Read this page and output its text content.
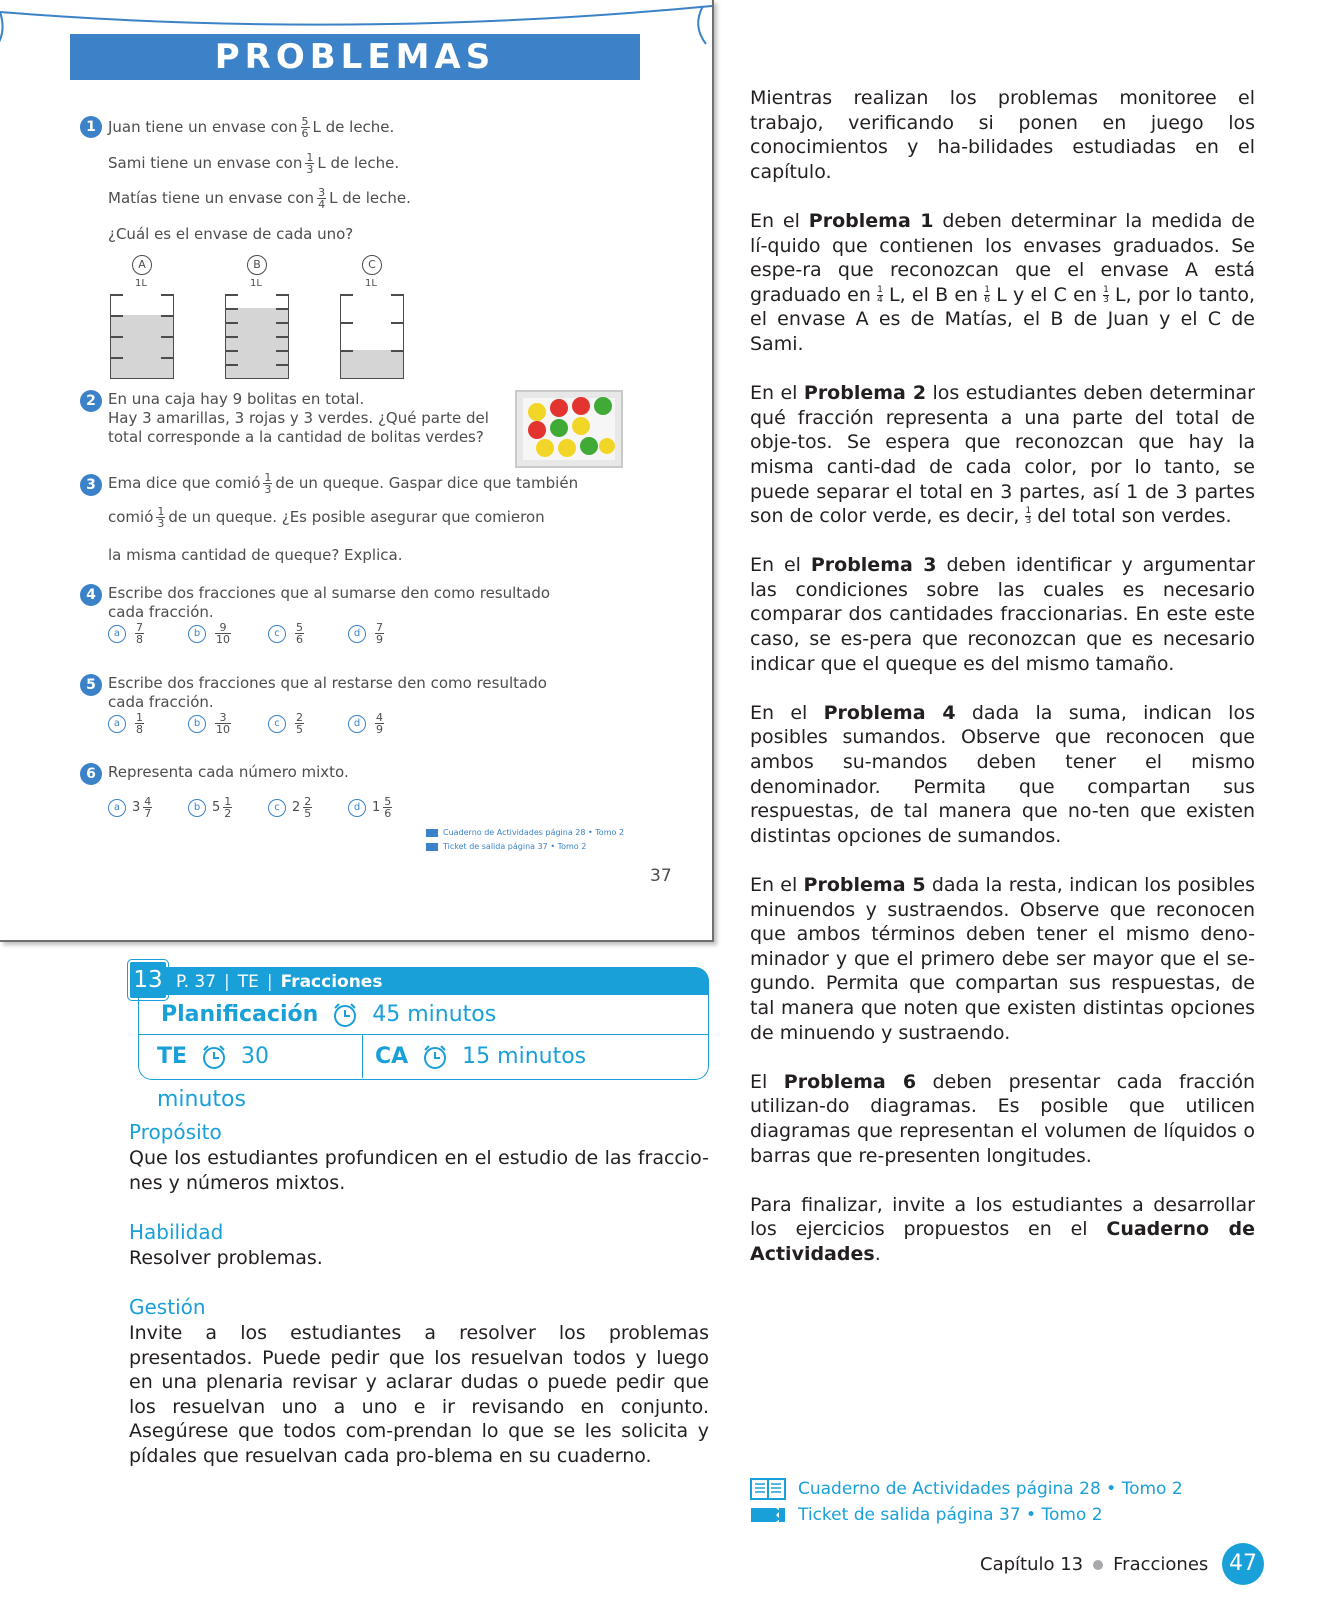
PROBLEMAS
1 Juan tiene un envase con $\frac{5}{6}$ L de leche.
Sami tiene un envase con $\frac{1}{3}$ L de leche.
Matías tiene un envase con $\frac{3}{4}$ L de leche.
¿Cuál es el envase de cada uno?
A
1L
B
1L
C
1L
2 En una caja hay 9 bolitas en total.
Hay 3 amarillas, 3 rojas y 3 verdes. ¿Qué parte del
total corresponde a la cantidad de bolitas verdes?
3 Ema dice que comió $\frac{1}{3}$ de un queque. Gaspar dice que también
comió $\frac{1}{3}$ de un queque. ¿Es posible asegurar que comieron
la misma cantidad de queque? Explica.
4 Escribe dos fracciones que al sumarse den como resultado
cada fracción.
a $\frac{7}{8}$	b $\frac{9}{10}$	c $\frac{5}{6}$	d $\frac{7}{9}$
5 Escribe dos fracciones que al restarse den como resultado
cada fracción.
a $\frac{1}{8}$	b $\frac{3}{10}$	c $\frac{2}{5}$	d $\frac{4}{9}$
6 Representa cada número mixto.
a $3 \frac{4}{7}$	b $5 \frac{1}{2}$	c $2 \frac{2}{5}$	d $1 \frac{5}{6}$
Cuaderno de Actividades página 28 • Tomo 2
Ticket de salida página 37 • Tomo 2
37
13 P. 37 | TE | Fracciones
Planificación 45 minutos
TE 30 minutos
CA 15 minutos
Propósito
Que los estudiantes profundicen en el estudio de las fraccio-nes y números mixtos.
Habilidad
Resolver problemas.
Gestión
Invite a los estudiantes a resolver los problemas presentados. Puede pedir que los resuelvan todos y luego en una plenaria revisar y aclarar dudas o puede pedir que los resuelvan uno a uno e ir revisando en conjunto. Asegúrese que todos com-prendan lo que se les solicita y pídales que resuelvan cada pro-blema en su cuaderno.

Mientras realizan los problemas monitoree el trabajo, verificando si ponen en juego los conocimientos y ha-bilidades estudiadas en el capítulo.

En el Problema 1 deben determinar la medida de lí-quido que contienen los envases graduados. Se espe-ra que reconozcan que el envase A está graduado en $\frac{1}{4} L$, el B en $\frac{1}{6}$ L y el C en $\frac{1}{3} L$, por lo tanto, el envase A es de Matías, el B de Juan y el C de Sami.

En el Problema 2 los estudiantes deben determinar qué fracción representa a una parte del total de obje-tos. Se espera que reconozcan que hay la misma canti-dad de cada color, por lo tanto, se puede separar el total en 3 partes, así 1 de 3 partes son de color verde, es decir, $\frac{1}{3}$ del total son verdes.

En el Problema 3 deben identificar y argumentar las condiciones sobre las cuales es necesario comparar dos cantidades fraccionarias. En este este caso, se es-pera que reconozcan que es necesario indicar que el queque es del mismo tamaño.

En el Problema 4 dada la suma, indican los posibles sumandos. Observe que reconocen que ambos su-mandos deben tener el mismo denominador. Permita que compartan sus respuestas, de tal manera que no-ten que existen distintas opciones de sumandos.

En el Problema 5 dada la resta, indican los posibles minuendos y sustraendos. Observe que reconocen que ambos términos deben tener el mismo deno-minador y que el primero debe ser mayor que el se-gundo. Permita que compartan sus respuestas, de tal manera que noten que existen distintas opciones de minuendo y sustraendo.

El Problema 6 deben presentar cada fracción utilizan-do diagramas. Es posible que utilicen diagramas que representan el volumen de líquidos o barras que re-presenten longitudes.

Para finalizar, invite a los estudiantes a desarrollar los ejercicios propuestos en el Cuaderno de Actividades.

Cuaderno de Actividades página 28 • Tomo 2
Ticket de salida página 37 • Tomo 2
Capítulo 13 Fracciones 47
